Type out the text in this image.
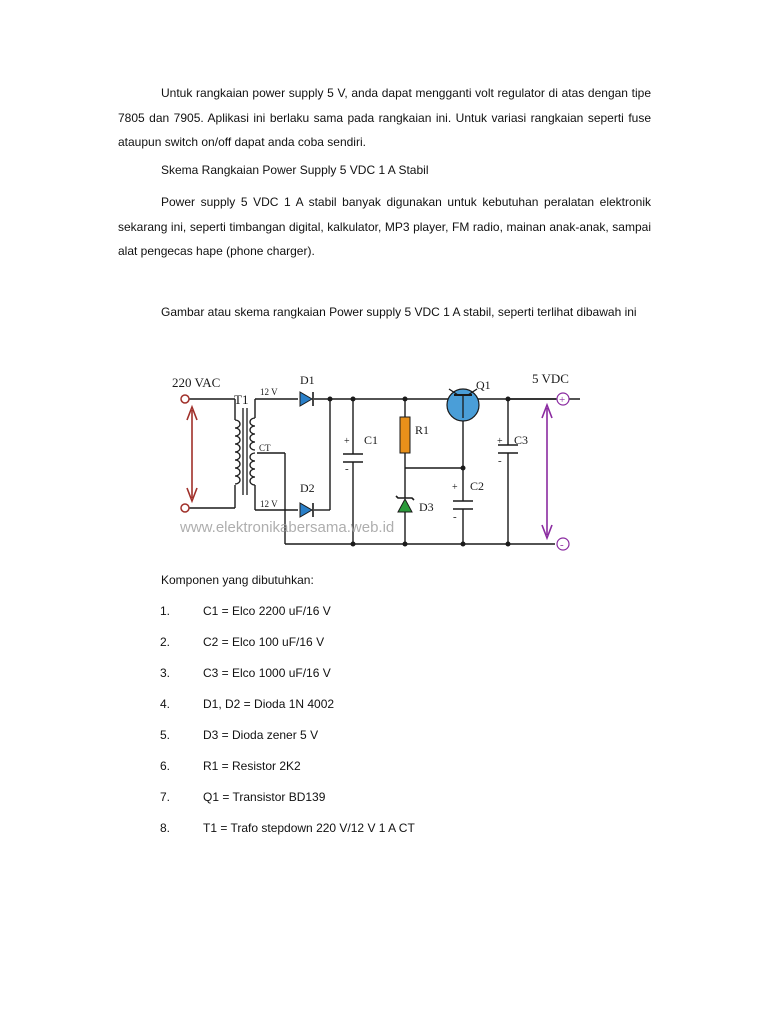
Untuk rangkaian power supply 5 V, anda dapat mengganti volt regulator di atas dengan tipe 7805 dan 7905. Aplikasi ini berlaku sama pada rangkaian ini. Untuk variasi rangkaian seperti fuse ataupun switch on/off dapat anda coba sendiri.

Skema Rangkaian Power Supply 5 VDC 1 A Stabil

Power supply 5 VDC 1 A stabil banyak digunakan untuk kebutuhan peralatan elektronik sekarang ini, seperti timbangan digital, kalkulator, MP3 player, FM radio, mainan anak-anak, sampai alat pengecas hape (phone charger).

Gambar atau skema rangkaian Power supply 5 VDC 1 A stabil, seperti terlihat dibawah ini

220 VAC
T1 12 V
12 V
CT
D1
D2
C1
+
-
R1
D3
C2
+
-
C3
+
-
Q1	5 VDC
+
-
www.elektronikabersama.web.id

Komponen yang dibutuhkan:

1.	C1 = Elco 2200 uF/16 V
2.	C2 = Elco 100 uF/16 V
3.	C3 = Elco 1000 uF/16 V
4.	D1, D2 = Dioda 1N 4002
5.	D3 = Dioda zener 5 V
6.	R1 = Resistor 2K2
7.	Q1 = Transistor BD139
8.	T1 = Trafo stepdown 220 V/12 V 1 A CT
